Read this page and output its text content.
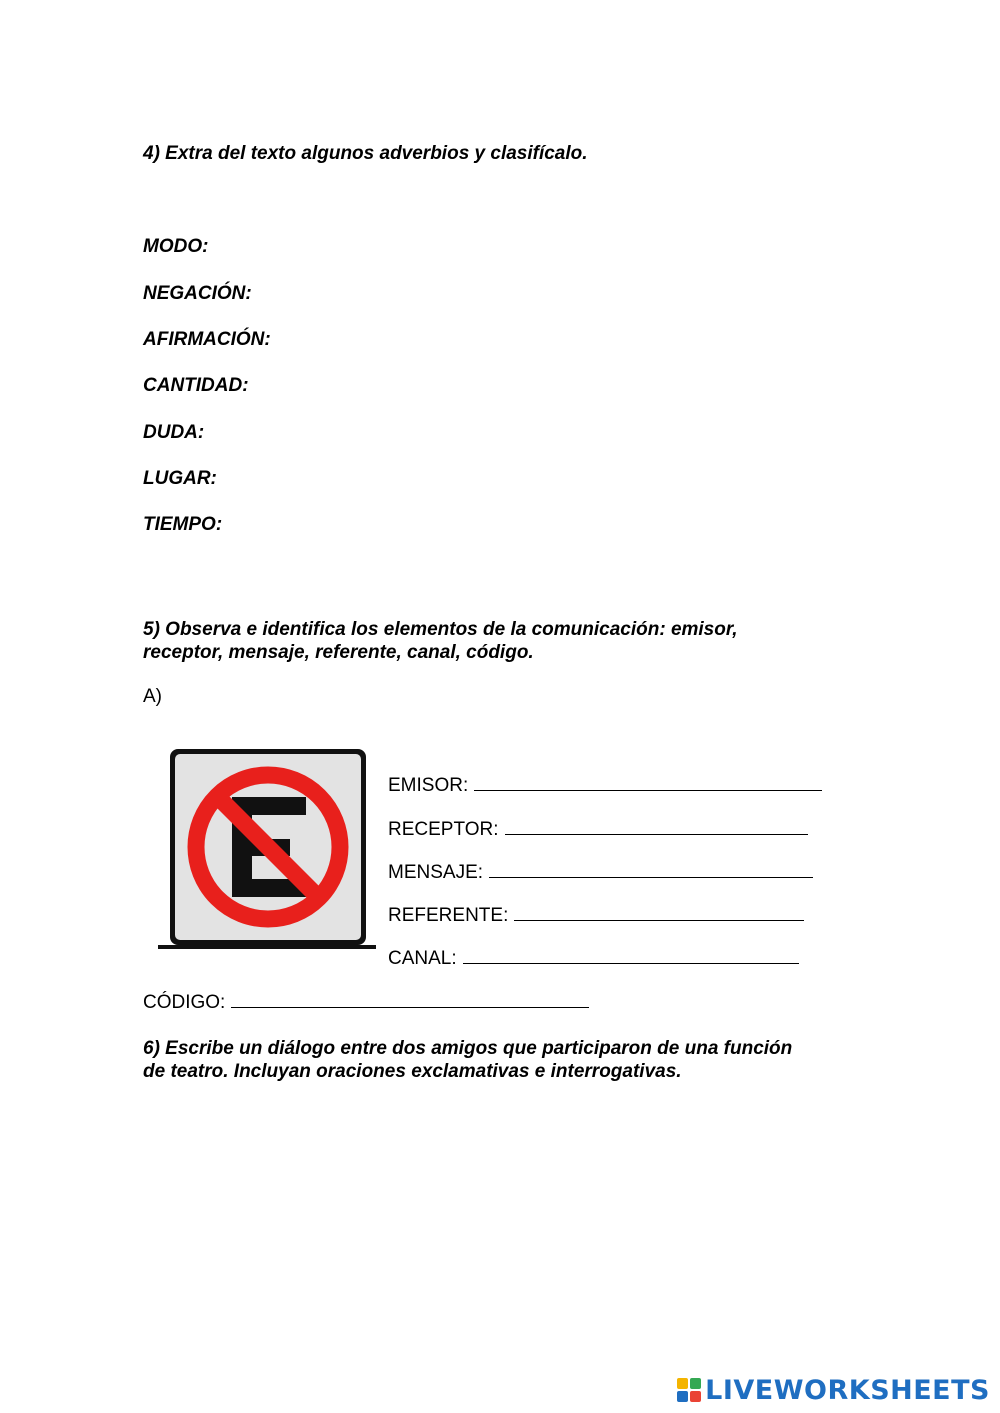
4) Extra del texto algunos adverbios y clasifícalo.

MODO:

NEGACIÓN:

AFIRMACIÓN:

CANTIDAD:

DUDA:

LUGAR:

TIEMPO:

5) Observa e identifica los elementos de la comunicación: emisor,

receptor, mensaje, referente, canal, código.

A)

EMISOR:

RECEPTOR:

MENSAJE:

REFERENTE:

CANAL:

CÓDIGO:

6) Escribe un diálogo entre dos amigos que participaron de una función

de teatro. Incluyan oraciones exclamativas e interrogativas.

LIVEWORKSHEETS
